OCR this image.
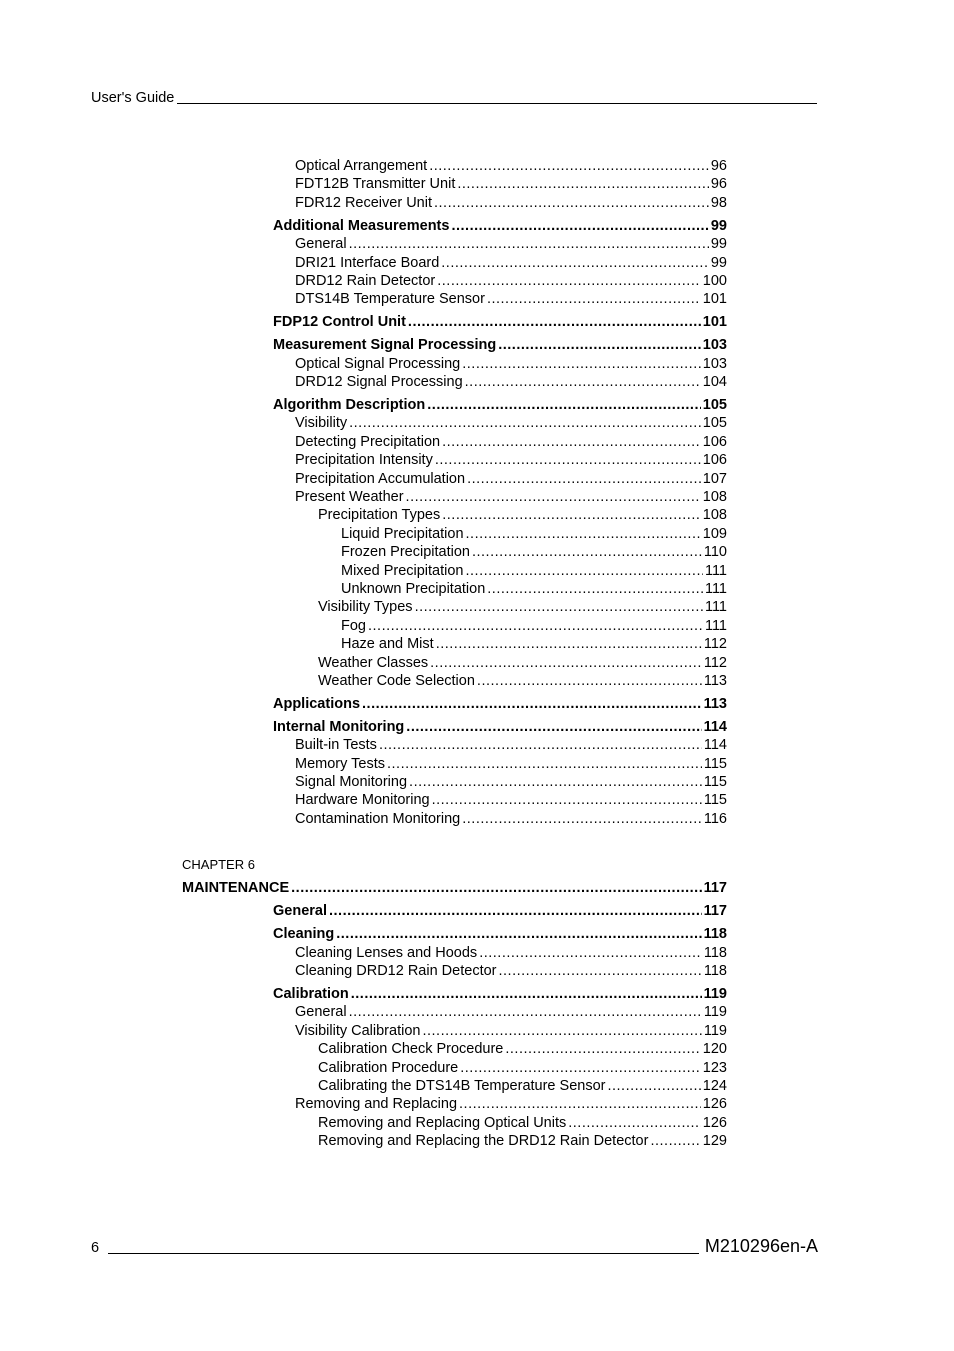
User's Guide
Optical Arrangement .....	96
FDT12B Transmitter Unit .....	96
FDR12 Receiver Unit .....	98
Additional Measurements .....	99
General .....	99
DRI21 Interface Board .....	99
DRD12 Rain Detector .....	100
DTS14B Temperature Sensor .....	101
FDP12 Control Unit .....	101
Measurement Signal Processing .....	103
Optical Signal Processing .....	103
DRD12 Signal Processing .....	104
Algorithm Description .....	105
Visibility .....	105
Detecting Precipitation .....	106
Precipitation Intensity .....	106
Precipitation Accumulation .....	107
Present Weather .....	108
Precipitation Types .....	108
Liquid Precipitation .....	109
Frozen Precipitation .....	110
Mixed Precipitation .....	111
Unknown Precipitation .....	111
Visibility Types .....	111
Fog .....	111
Haze and Mist .....	112
Weather Classes .....	112
Weather Code Selection .....	113
Applications .....	113
Internal Monitoring .....	114
Built-in Tests .....	114
Memory Tests .....	115
Signal Monitoring .....	115
Hardware Monitoring .....	115
Contamination Monitoring .....	116
CHAPTER 6
MAINTENANCE .....	117
General .....	117
Cleaning .....	118
Cleaning Lenses and Hoods .....	118
Cleaning DRD12 Rain Detector .....	118
Calibration .....	119
General .....	119
Visibility Calibration .....	119
Calibration Check Procedure .....	120
Calibration Procedure .....	123
Calibrating the DTS14B Temperature Sensor .....	124
Removing and Replacing .....	126
Removing and Replacing Optical Units .....	126
Removing and Replacing the DRD12 Rain Detector .....	129
6	M210296en-A
